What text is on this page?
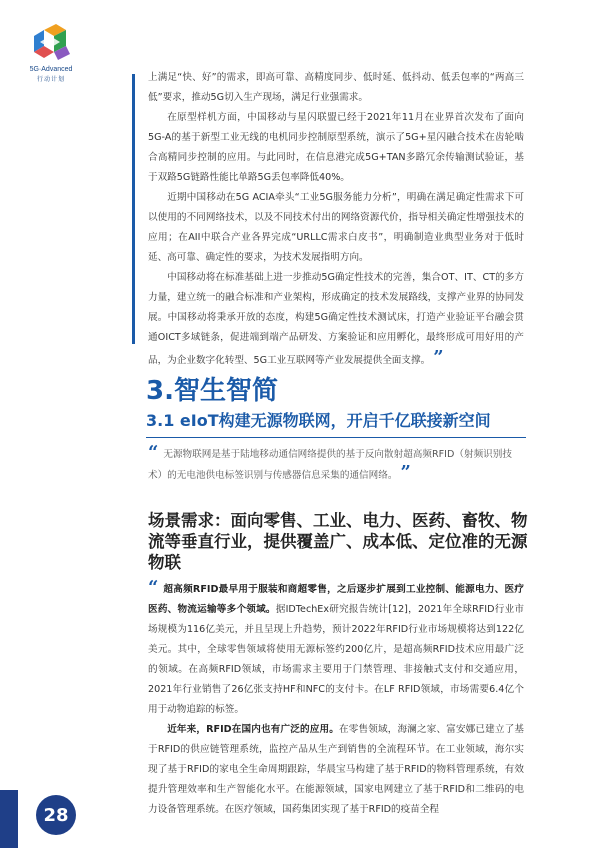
5G·Advanced
行动计划	上满足“快、好”的需求，即高可靠、高精度同步、低时延、低抖动、低丢包率的“两高三低”要求，推动5G切入生产现场，满足行业强需求。

在原型样机方面，中国移动与星闪联盟已经于2021年11月在业界首次发布了面向5G-A的基于新型工业无线的电机同步控制原型系统，演示了5G+星闪融合技术在齿轮啮合高精同步控制的应用。与此同时，在信息港完成5G+TAN多路冗余传输测试验证，基于双路5G链路性能比单路5G丢包率降低40%。

近期中国移动在5G ACIA牵头“工业5G服务能力分析”，明确在满足确定性需求下可以使用的不同网络技术，以及不同技术付出的网络资源代价，指导相关确定性增强技术的应用；在AII中联合产业各界完成“URLLC需求白皮书”，明确制造业典型业务对于低时延、高可靠、确定性的要求，为技术发展指明方向。

中国移动将在标准基础上进一步推动5G确定性技术的完善，集合OT、IT、CT的多方力量，建立统一的融合标准和产业架构，形成确定的技术发展路线，支撑产业界的协同发展。中国移动将秉承开放的态度，构建5G确定性技术测试床，打造产业验证平台融会贯通OICT多域链条，促进端到端产品研发、方案验证和应用孵化，最终形成可用好用的产品，为企业数字化转型、5G工业互联网等产业发展提供全面支撑。 ”

3.智生智简
3.1 eIoT构建无源物联网，开启千亿联接新空间
“ 无源物联网是基于陆地移动通信网络提供的基于反向散射超高频RFID（射频识别技术）的无电池供电标签识别与传感器信息采集的通信网络。 ”
场景需求：面向零售、工业、电力、医药、畜牧、物流等垂直行业，提供覆盖广、成本低、定位准的无源物联
“ 超高频RFID最早用于服装和商超零售，之后逐步扩展到工业控制、能源电力、医疗医药、物流运输等多个领域。据IDTechEx研究报告统计[12]，2021年全球RFID行业市场规模为116亿美元，并且呈现上升趋势，预计2022年RFID行业市场规模将达到122亿美元。其中，全球零售领域将使用无源标签约200亿片，是超高频RFID技术应用最广泛的领域。在高频RFID领域，市场需求主要用于门禁管理、非接触式支付和交通应用，2021年行业销售了26亿张支持HF和NFC的支付卡。在LF RFID领域，市场需要6.4亿个用于动物追踪的标签。

近年来，RFID在国内也有广泛的应用。在零售领域，海澜之家、富安娜已建立了基于RFID的供应链管理系统，监控产品从生产到销售的全流程环节。在工业领域，海尔实现了基于RFID的家电全生命周期跟踪，华晨宝马构建了基于RFID的物料管理系统，有效提升管理效率和生产智能化水平。在能源领域，国家电网建立了基于RFID和二维码的电力设备管理系统。在医疗领域，国药集团实现了基于RFID的疫苗全程

28
